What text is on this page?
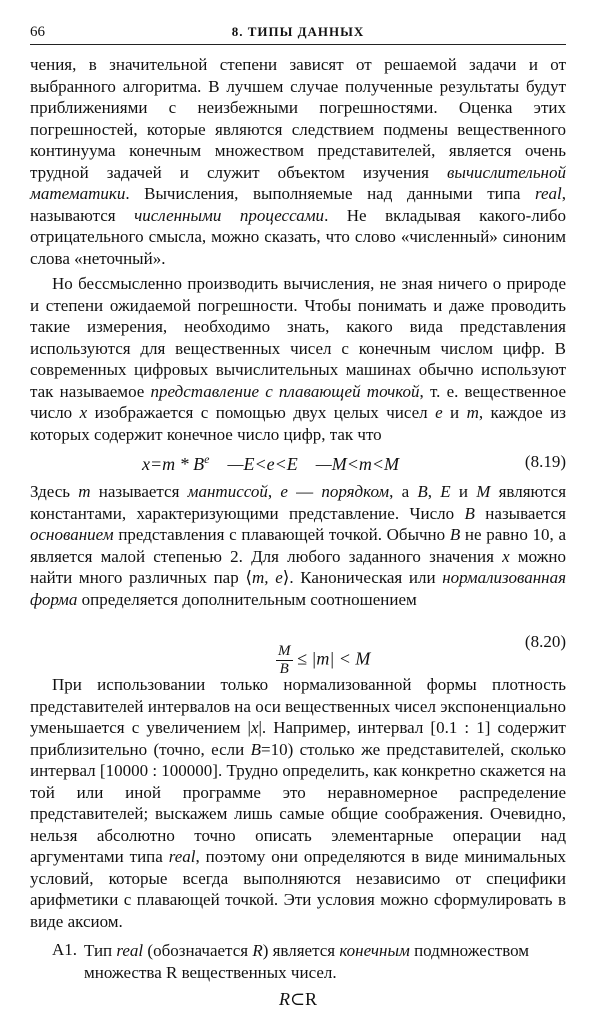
66	8. ТИПЫ ДАННЫХ

чения, в значительной степени зависят от решаемой задачи и от выбранного алгоритма. В лучшем случае полученные результаты будут приближениями с неизбежными погрешностями. Оценка этих погрешностей, которые являются следствием подмены вещественного континуума конечным множеством представителей, является очень трудной задачей и служит объектом изучения вычислительной математики. Вычисления, выполняемые над данными типа real, называются численными процессами. Не вкладывая какого-либо отрицательного смысла, можно сказать, что слово «численный» синоним слова «неточный».

Но бессмысленно производить вычисления, не зная ничего о природе и степени ожидаемой погрешности. Чтобы понимать и даже проводить такие измерения, необходимо знать, какого вида представления используются для вещественных чисел с конечным числом цифр. В современных цифровых вычислительных машинах обычно используют так называемое представление с плавающей точкой, т. е. вещественное число x изображается с помощью двух целых чисел e и m, каждое из которых содержит конечное число цифр, так что

$x=m * B^e$    —E<e<E    —M<m<M	(8.19)

Здесь m называется мантиссой, e — порядком, а B, E и M являются константами, характеризующими представление. Число B называется основанием представления с плавающей точкой. Обычно B не равно 10, а является малой степенью 2. Для любого заданного значения x можно найти много различных пар ⟨m, e⟩. Каноническая или нормализованная форма определяется дополнительным соотношением

$\frac{M}{B} \le |m| < M$

(8.20)

При использовании только нормализованной формы плотность представителей интервалов на оси вещественных чисел экспоненциально уменьшается с увеличением |x|. Например, интервал [0.1 : 1] содержит приблизительно (точно, если B=10) столько же представителей, сколько интервал [10000 : 100000]. Трудно определить, как конкретно скажется на той или иной программе это неравномерное распределение представителей; выскажем лишь самые общие соображения. Очевидно, нельзя абсолютно точно описать элементарные операции над аргументами типа real, поэтому они определяются в виде минимальных условий, которые всегда выполняются независимо от специфики арифметики с плавающей точкой. Эти условия можно сформулировать в виде аксиом.

A1. Тип real (обозначается R) является конечным подмножеством множества R вещественных чисел.

R⊂R
